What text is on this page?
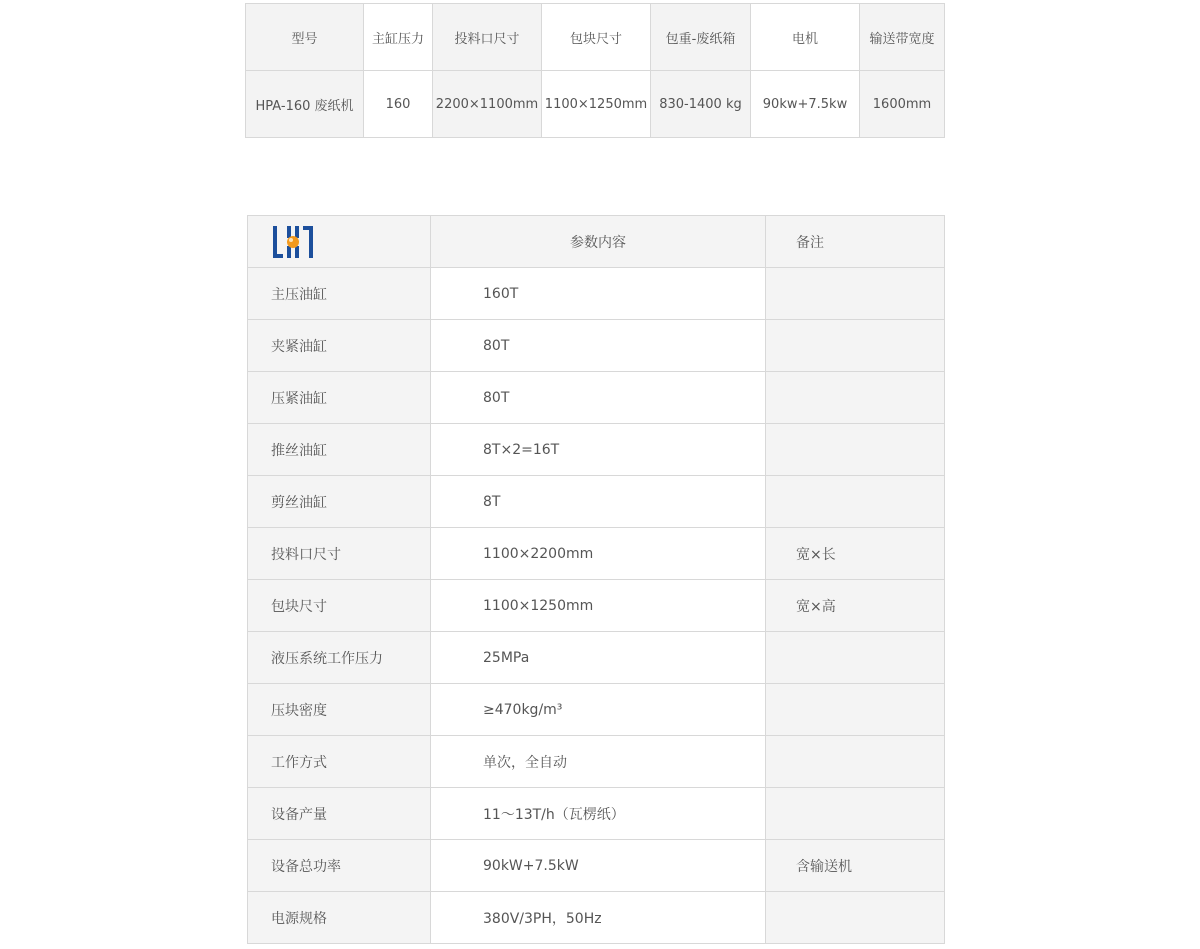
型号	主缸压力	投料口尺寸	包块尺寸	包重-废纸箱	电机	输送带宽度
HPA-160 废纸机	160	2200×1100mm	1100×1250mm	830-1400 kg	90kw+7.5kw	1600mm
	参数内容	备注
主压油缸	160T	
夹紧油缸	80T	
压紧油缸	80T	
推丝油缸	8T×2=16T	
剪丝油缸	8T	
投料口尺寸	1100×2200mm	宽×长
包块尺寸	1100×1250mm	宽×高
液压系统工作压力	25MPa	
压块密度	≥470kg/m³	
工作方式	单次，全自动	
设备产量	11～13T/h（瓦楞纸）	
设备总功率	90kW+7.5kW	含输送机
电源规格	380V/3PH，50Hz	
